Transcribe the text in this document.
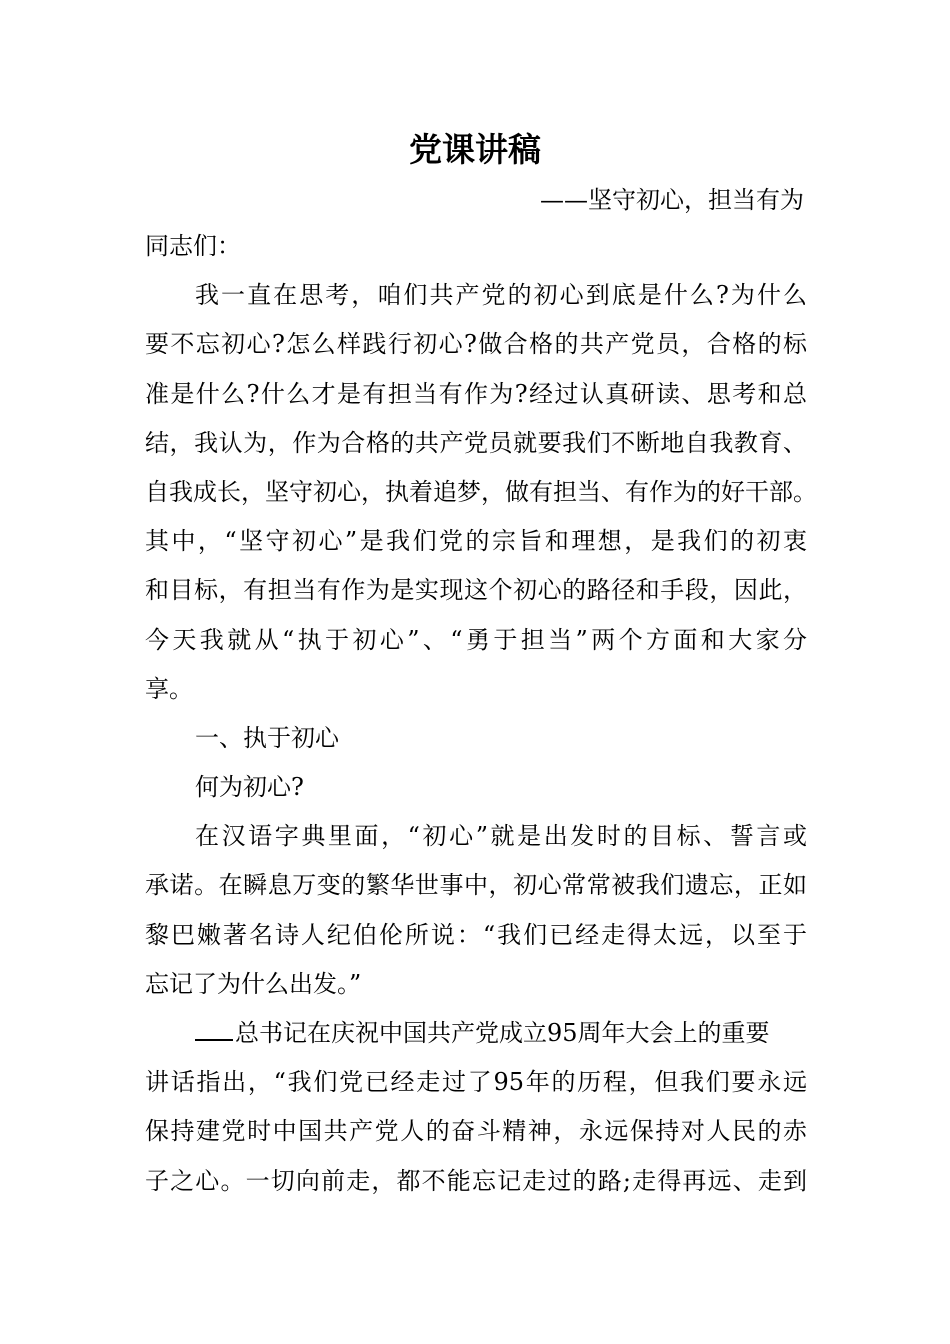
党课讲稿
——坚守初心，担当有为
同志们：
我一直在思考，咱们共产党的初心到底是什么?为什么
要不忘初心?怎么样践行初心?做合格的共产党员，合格的标
准是什么?什么才是有担当有作为?经过认真研读、思考和总
结，我认为，作为合格的共产党员就要我们不断地自我教育、
自我成长，坚守初心，执着追梦，做有担当、有作为的好干部。
其中，“坚守初心”是我们党的宗旨和理想，是我们的初衷
和目标，有担当有作为是实现这个初心的路径和手段，因此，
今天我就从“执于初心”、“勇于担当”两个方面和大家分
享。
一、执于初心
何为初心?
在汉语字典里面，“初心”就是出发时的目标、誓言或
承诺。在瞬息万变的繁华世事中，初心常常被我们遗忘，正如
黎巴嫩著名诗人纪伯伦所说：“我们已经走得太远，以至于
忘记了为什么出发。”
总书记在庆祝中国共产党成立95周年大会上的重要
讲话指出，“我们党已经走过了95年的历程，但我们要永远
保持建党时中国共产党人的奋斗精神，永远保持对人民的赤
子之心。一切向前走，都不能忘记走过的路;走得再远、走到
